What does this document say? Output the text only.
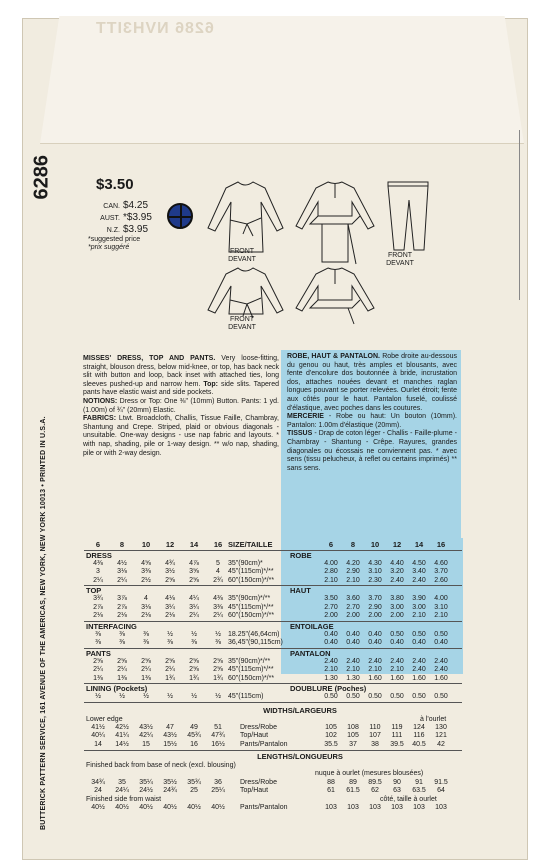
6286 NVH3ITT
6286	$3.50
CAN. $4.25
AUST. *$3.95
N.Z. $3.95
*suggested price
*prix suggéré
FRONT
DEVANT
FRONT
DEVANT
FRONT
DEVANT
BUTTERICK PATTERN SERVICE, 161 AVENUE OF THE AMERICAS, NEW YORK, NEW YORK 10013 • PRINTED IN U.S.A.
MISSES' DRESS, TOP AND PANTS. Very loose-fitting, straight, blouson dress, below mid-knee, or top, has back neck slit with button and loop, back inset with attached ties, long sleeves pushed-up and narrow hem. Top: side slits. Tapered pants have elastic waist and side pockets.
NOTIONS: Dress or Top: One ⅜" (10mm) Button. Pants: 1 yd. (1.00m) of ¾" (20mm) Elastic.
FABRICS: Ltwt. Broadcloth, Challis, Tissue Faille, Chambray, Shantung and Crepe. Striped, plaid or obvious diagonals - unsuitable. One-way designs - use nap fabric and layouts. * with nap, shading, pile or 1-way design. ** w/o nap, shading, pile or with 2-way design.
ROBE, HAUT & PANTALON. Robe droite au-dessous du genou ou haut, très amples et blousants, avec fente d'encolure dos boutonnée à bride, incrustation dos, attaches nouées devant et manches raglan longues pouvant se porter relevées. Ourlet étroit; fente aux côtés pour le haut. Pantalon fuselé, coulissé d'élastique, avec poches dans les coutures.
MERCERIE - Robe ou haut: Un bouton (10mm). Pantalon: 1.00m d'élastique (20mm).
TISSUS - Drap de coton léger - Challis - Faille-plume - Chambray - Shantung - Crêpe. Rayures, grandes diagonales ou écossais ne conviennent pas. * avec sens (tissu pelucheux, à reflet ou certains imprimés) ** sans sens.
6	8 10 12 14 16 SIZE/TAILLE	6 8 10 12 14 16
DRESS	ROBE
4⅜ 4½ 4⅝ 4¾ 4⅞ 5	35"(90cm)*	4.00 4.20 4.30 4.40 4.50 4.60
3 3⅛ 3⅜ 3½ 3⅝ 4	45"(115cm)*/**	2.80 2.90 3.10 3.20 3.40 3.70
2¼ 2¼ 2½ 2⅝ 2⅝ 2¾ 60"(150cm)*/**	2.10 2.10 2.30 2.40 2.40 2.60
TOP	HAUT
3¾ 3⅞ 4 4⅛ 4¼ 4⅜ 35"(90cm)*/**	3.50 3.60 3.70 3.80 3.90 4.00
2⅞ 2⅞ 3⅛ 3¼ 3¼ 3⅜ 45"(115cm)*/**	2.70 2.70 2.90 3.00 3.00 3.10
2⅛ 2⅛ 2⅛ 2⅛ 2¼ 2¼ 60"(150cm)*/**	2.00 2.00 2.00 2.00 2.10 2.10
INTERFACING	ENTOILAGE
⅜	⅜	⅜	½	½	½	18.25"(46,64cm)	0.40 0.40 0.40 0.50 0.50 0.50
⅜	⅜	⅜	⅜	⅜	⅜	36,45"(90,115cm)	0.40 0.40 0.40 0.40 0.40 0.40
PANTS	PANTALON
2⅝ 2⅝ 2⅝ 2⅝ 2⅝ 2⅝ 35"(90cm)*/**	2.40 2.40 2.40 2.40 2.40 2.40
2¼ 2¼ 2¼ 2¼ 2⅝ 2⅝ 45"(115cm)*/**	2.10 2.10 2.10 2.10 2.40 2.40
1⅜ 1⅜ 1⅜ 1¾ 1¾ 1¾ 60"(150cm)*/**	1.30 1.30 1.60 1.60 1.60 1.60
LINING (Pockets)	DOUBLURE (Poches)
½	½	½	½	½	½	45"(115cm)	0.50 0.50 0.50 0.50 0.50 0.50
WIDTHS/LARGEURS
Lower edge	à l'ourlet
41½ 42½ 43½ 47 49 51	Dress/Robe	105 108 110 119 124 130
40¼ 41¼ 42¼ 43½ 45¾ 47¾	Top/Haut	102 105 107 111 116 121
14 14½ 15 15½ 16 16½	Pants/Pantalon	35.5 37 38 39.5 40.5 42
LENGTHS/LONGUEURS
Finished back from base of neck (excl. blousing)
nuque à ourlet (mesures blousées)
34¾ 35 35¼ 35½ 35¾ 36	Dress/Robe	88 89 89.5 90 91 91.5
24 24¼ 24½ 24¾ 25 25¼	Top/Haut	61 61.5 62 63 63.5 64
Finished side from waist	côté, taille à ourlet
40½ 40½ 40½ 40½ 40½ 40½	Pants/Pantalon	103 103 103 103 103 103
